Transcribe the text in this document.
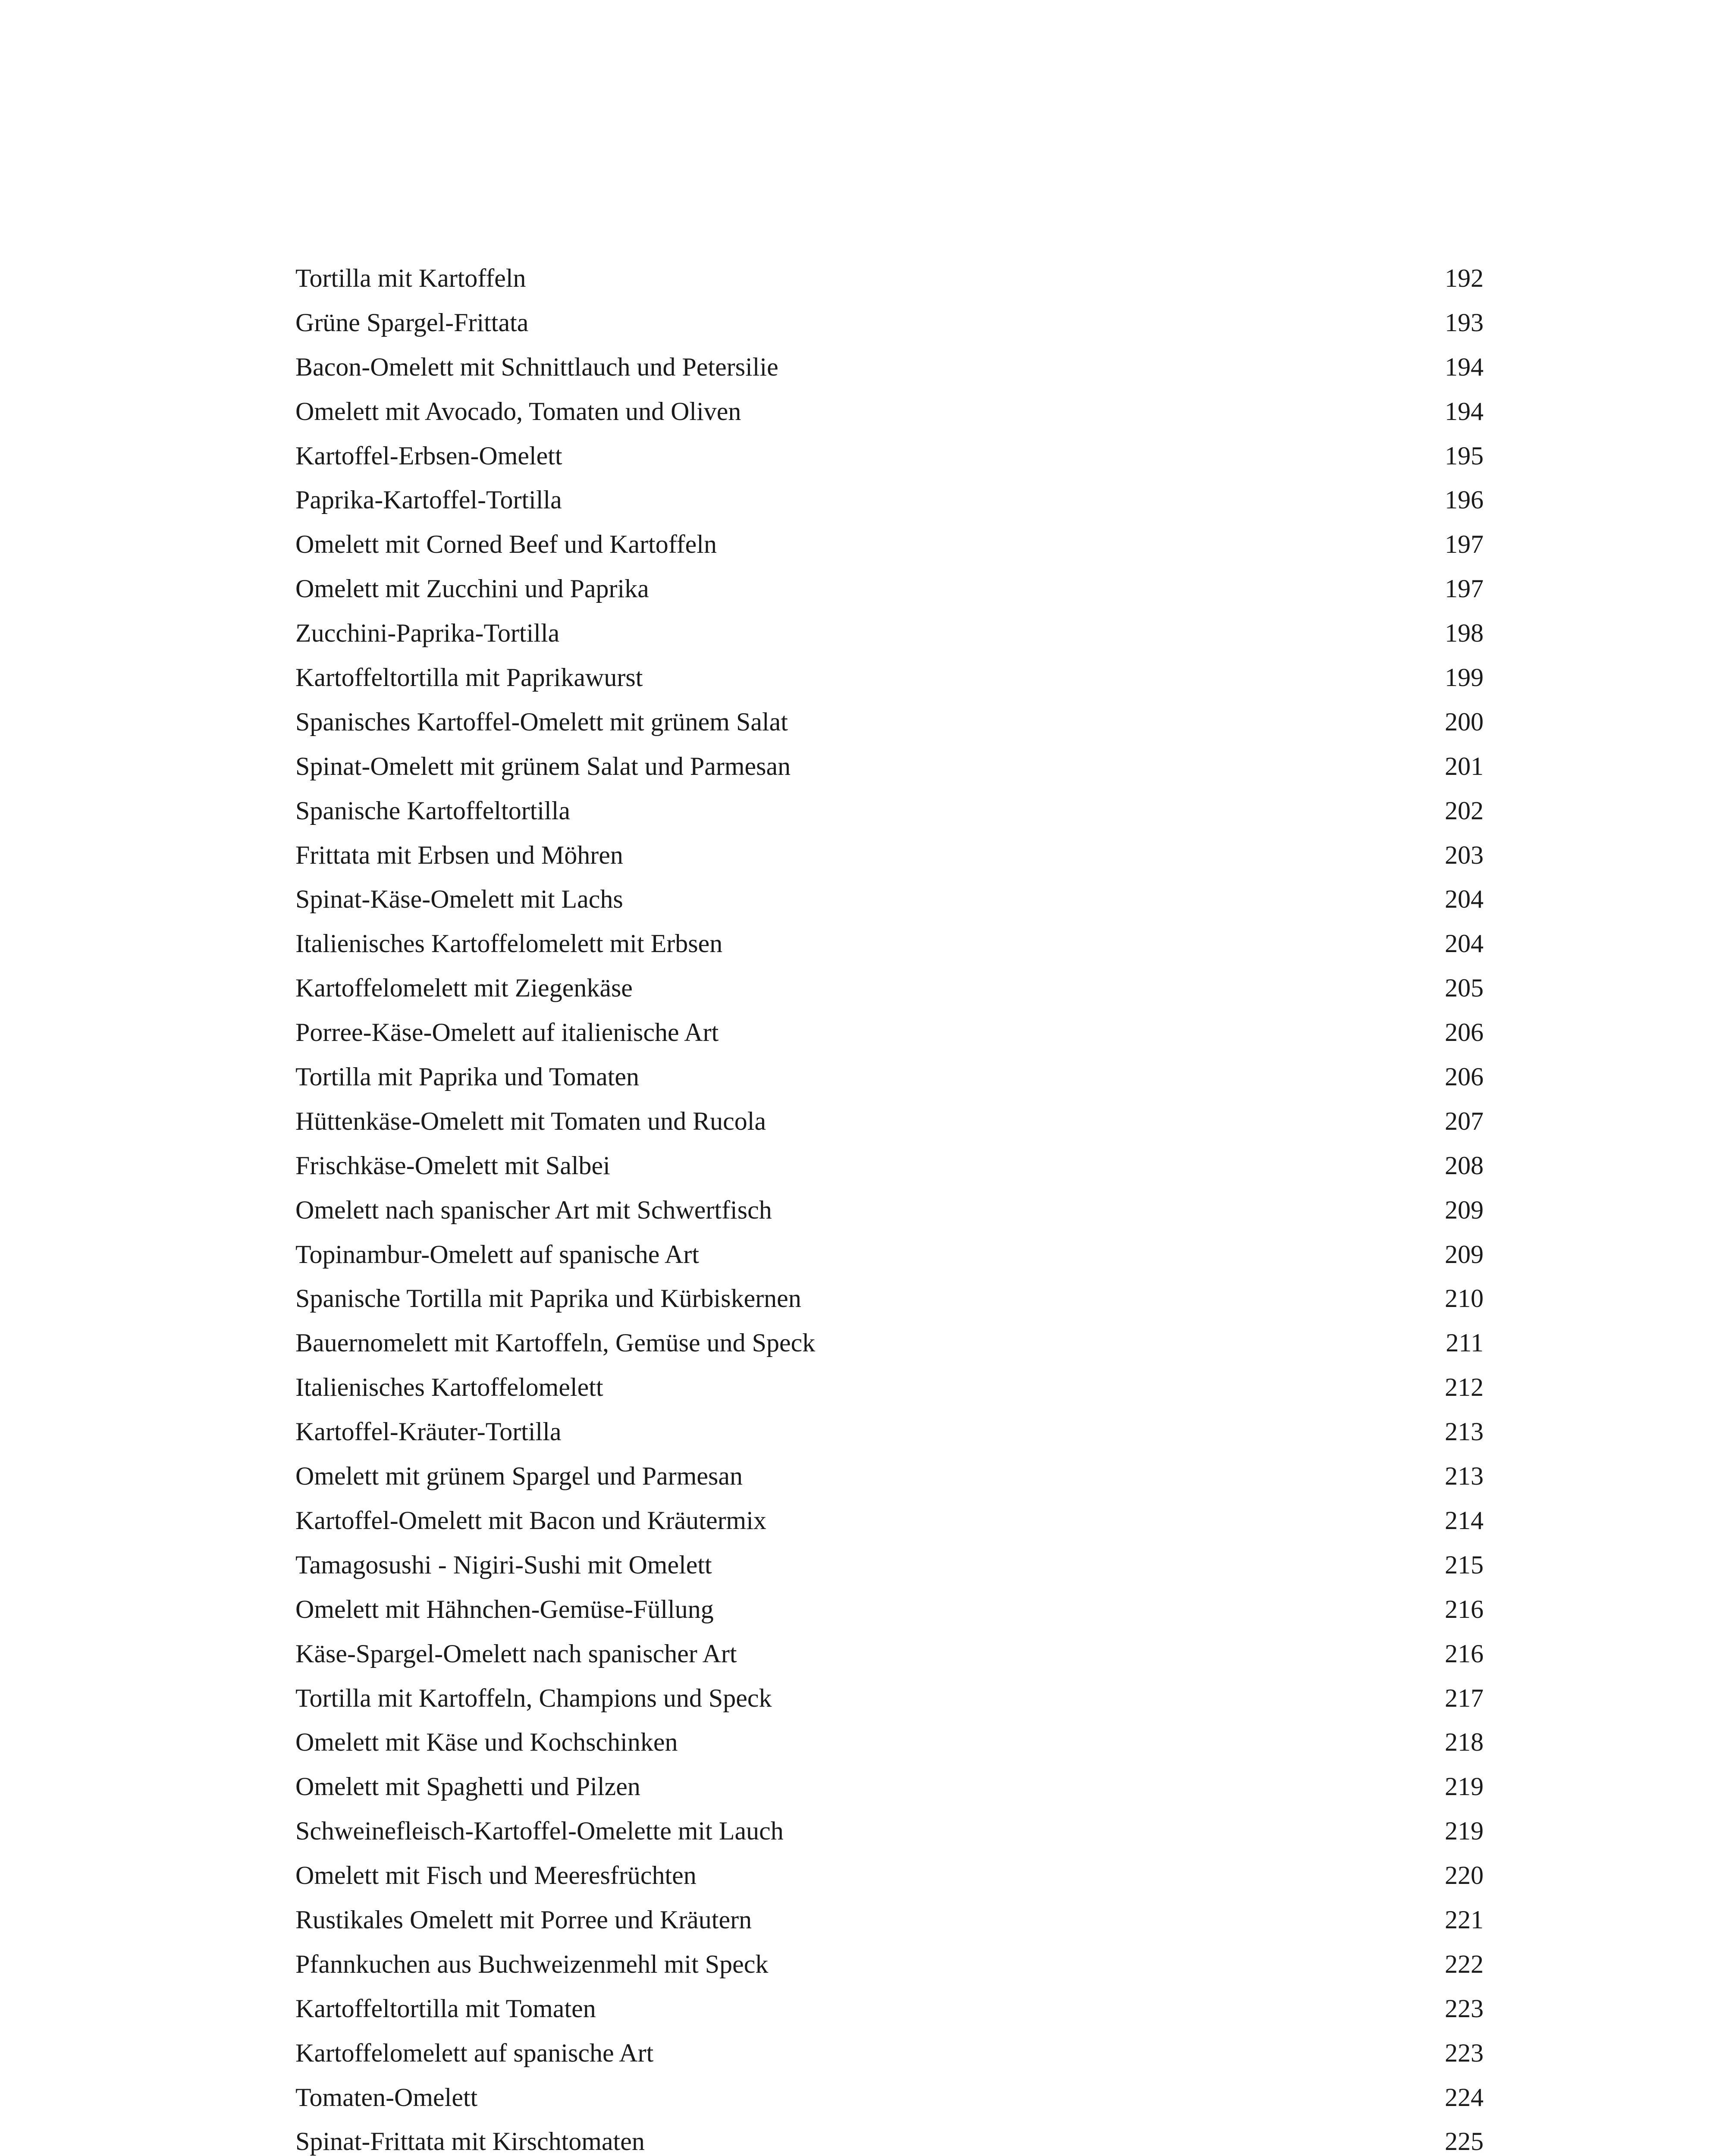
Tortilla mit Kartoffeln	192
Grüne Spargel-Frittata	193
Bacon-Omelett mit Schnittlauch und Petersilie	194
Omelett mit Avocado, Tomaten und Oliven	194
Kartoffel-Erbsen-Omelett	195
Paprika-Kartoffel-Tortilla	196
Omelett mit Corned Beef und Kartoffeln	197
Omelett mit Zucchini und Paprika	197
Zucchini-Paprika-Tortilla	198
Kartoffeltortilla mit Paprikawurst	199
Spanisches Kartoffel-Omelett mit grünem Salat	200
Spinat-Omelett mit grünem Salat und Parmesan	201
Spanische Kartoffeltortilla	202
Frittata mit Erbsen und Möhren	203
Spinat-Käse-Omelett mit Lachs	204
Italienisches Kartoffelomelett mit Erbsen	204
Kartoffelomelett mit Ziegenkäse	205
Porree-Käse-Omelett auf italienische Art	206
Tortilla mit Paprika und Tomaten	206
Hüttenkäse-Omelett mit Tomaten und Rucola	207
Frischkäse-Omelett mit Salbei	208
Omelett nach spanischer Art mit Schwertfisch	209
Topinambur-Omelett auf spanische Art	209
Spanische Tortilla mit Paprika und Kürbiskernen	210
Bauernomelett mit Kartoffeln, Gemüse und Speck	211
Italienisches Kartoffelomelett	212
Kartoffel-Kräuter-Tortilla	213
Omelett mit grünem Spargel und Parmesan	213
Kartoffel-Omelett mit Bacon und Kräutermix	214
Tamagosushi - Nigiri-Sushi mit Omelett	215
Omelett mit Hähnchen-Gemüse-Füllung	216
Käse-Spargel-Omelett nach spanischer Art	216
Tortilla mit Kartoffeln, Champions und Speck	217
Omelett mit Käse und Kochschinken	218
Omelett mit Spaghetti und Pilzen	219
Schweinefleisch-Kartoffel-Omelette mit Lauch	219
Omelett mit Fisch und Meeresfrüchten	220
Rustikales Omelett mit Porree und Kräutern	221
Pfannkuchen aus Buchweizenmehl mit Speck	222
Kartoffeltortilla mit Tomaten	223
Kartoffelomelett auf spanische Art	223
Tomaten-Omelett	224
Spinat-Frittata mit Kirschtomaten	225
